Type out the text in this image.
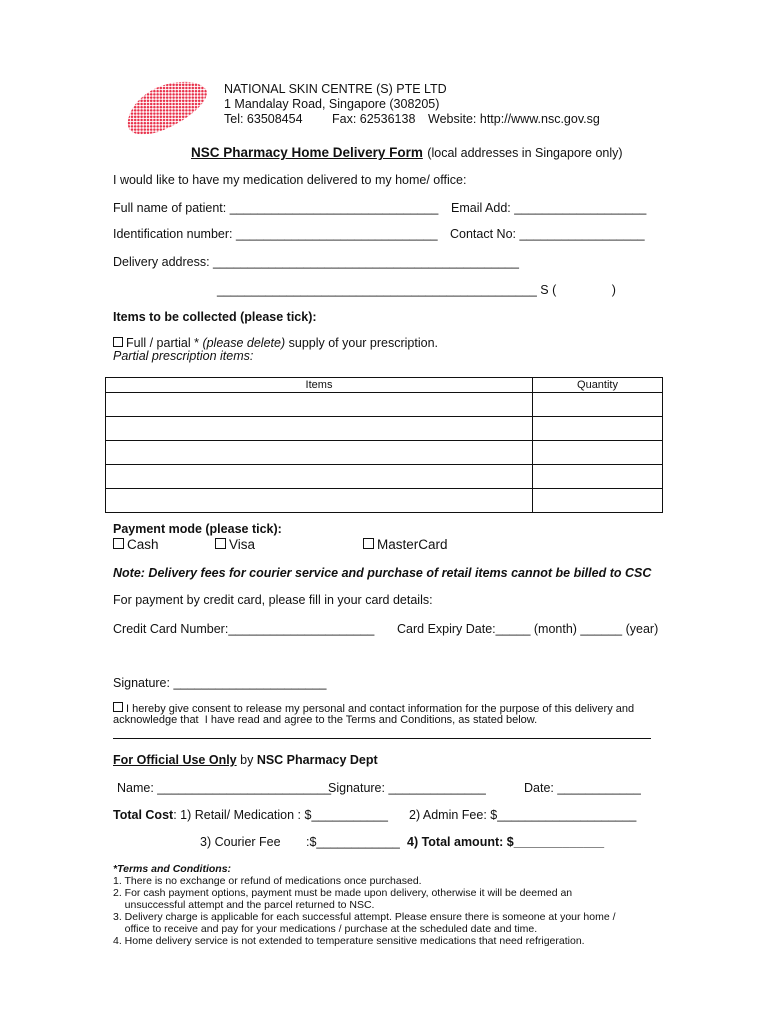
NATIONAL SKIN CENTRE (S) PTE LTD
1 Mandalay Road, Singapore (308205)
Tel: 63508454 Fax: 62536138 Website: http://www.nsc.gov.sg
NSC Pharmacy Home Delivery Form (local addresses in Singapore only)
I would like to have my medication delivered to my home/ office:
Full name of patient: ______________________________ Email Add: ___________________
Identification number: _____________________________ Contact No: __________________
Delivery address: ____________________________________________
______________________________________________ S (                )
Items to be collected (please tick):
Full / partial * (please delete) supply of your prescription.
Partial prescription items:
Items	Quantity

Payment mode (please tick):
Cash	Visa	MasterCard
Note: Delivery fees for courier service and purchase of retail items cannot be billed to CSC
For payment by credit card, please fill in your card details:
Credit Card Number:_____________________ Card Expiry Date:_____ (month) ______ (year)
Signature: ______________________
I hereby give consent to release my personal and contact information for the purpose of this delivery and
acknowledge that  I have read and agree to the Terms and Conditions, as stated below.
For Official Use Only by NSC Pharmacy Dept
Name: _________________________
Signature: ______________	Date: ____________
Total Cost: 1) Retail/ Medication : $___________ 2) Admin Fee: $____________________
3) Courier Fee :$____________ 4) Total amount: $_____________
*Terms and Conditions:
1. There is no exchange or refund of medications once purchased.
2. For cash payment options, payment must be made upon delivery, otherwise it will be deemed an
unsuccessful attempt and the parcel returned to NSC.
3. Delivery charge is applicable for each successful attempt. Please ensure there is someone at your home /
office to receive and pay for your medications / purchase at the scheduled date and time.
4. Home delivery service is not extended to temperature sensitive medications that need refrigeration.
